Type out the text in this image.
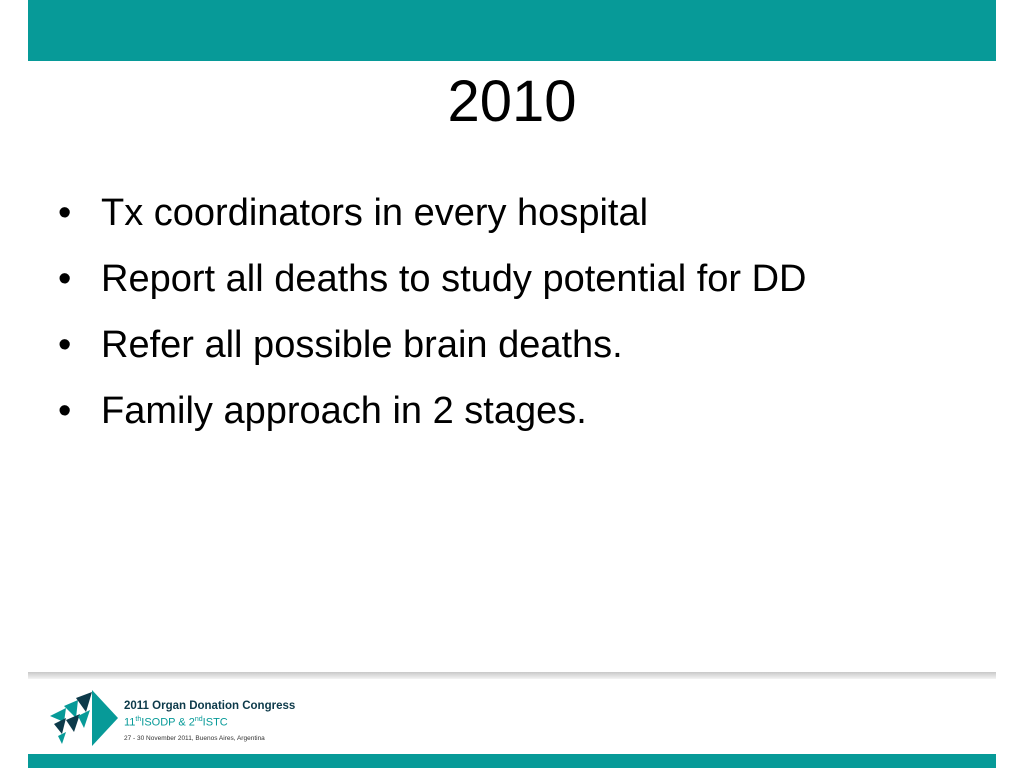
2010
• Tx coordinators in every hospital
• Report all deaths to study potential for DD
• Refer all possible brain deaths.
• Family approach in 2 stages.
2011 Organ Donation Congress
11thISODP & 2ndISTC
27 - 30 November 2011, Buenos Aires, Argentina
